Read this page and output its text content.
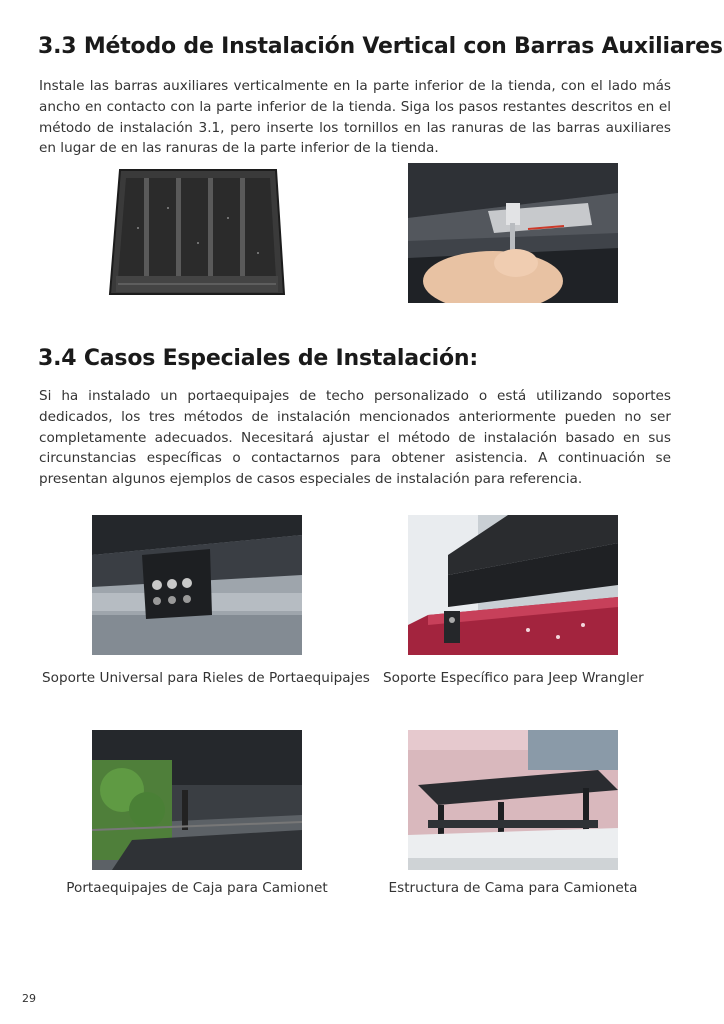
3.3 Método de Instalación Vertical con Barras Auxiliares

Instale las barras auxiliares verticalmente en la parte inferior de la tienda, con el lado más ancho en contacto con la parte inferior de la tienda. Siga los pasos restantes descritos en el método de instalación 3.1, pero inserte los tornillos en las ranuras de las barras auxiliares en lugar de en las ranuras de la parte inferior de la tienda.

3.4 Casos Especiales de Instalación:

Si ha instalado un portaequipajes de techo personalizado o está utilizando soportes dedicados, los tres métodos de instalación mencionados anteriormente pueden no ser completamente adecuados. Necesitará ajustar el método de instalación basado en sus circunstancias específicas o contactarnos para obtener asistencia. A continuación se presentan algunos ejemplos de casos especiales de instalación para referencia.

Soporte Universal para Rieles de Portaequipajes Soporte Específico para Jeep Wrangler
Portaequipajes de Caja para Camionet	Estructura de Cama para Camioneta
29
